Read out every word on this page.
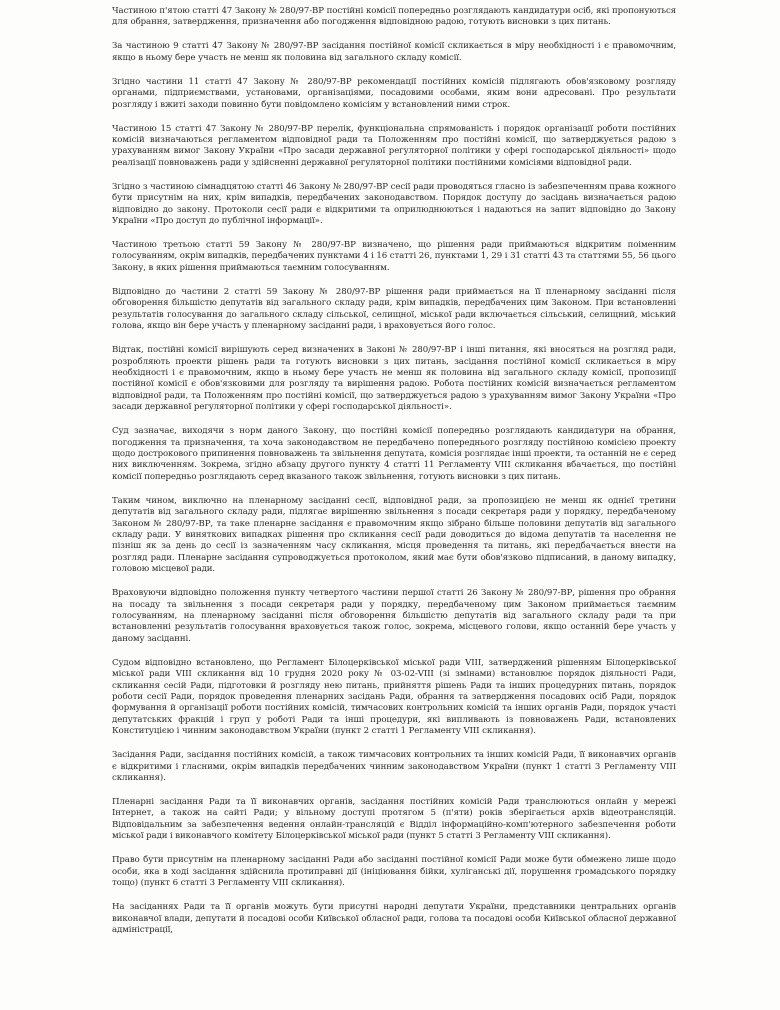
Частиною п'ятою статті 47 Закону № 280/97-ВР постійні комісії попередньо розглядають кандидатури осіб, які пропонуються для обрання, затвердження, призначення або погодження відповідною радою, готують висновки з цих питань.

За частиною 9 статті 47 Закону № 280/97-ВР засідання постійної комісії скликається в міру необхідності і є правомочним, якщо в ньому бере участь не менш як половина від загального складу комісії.

Згідно частини 11 статті 47 Закону № 280/97-ВР рекомендації постійних комісій підлягають обов'язковому розгляду органами, підприємствами, установами, організаціями, посадовими особами, яким вони адресовані. Про результати розгляду і вжиті заходи повинно бути повідомлено комісіям у встановлений ними строк.

Частиною 15 статті 47 Закону № 280/97-ВР перелік, функціональна спрямованість і порядок організації роботи постійних комісій визначаються регламентом відповідної ради та Положенням про постійні комісії, що затверджується радою з урахуванням вимог Закону України «Про засади державної регуляторної політики у сфері господарської діяльності» щодо реалізації повноважень ради у здійсненні державної регуляторної політики постійними комісіями відповідної ради.

Згідно з частиною сімнадцятою статті 46 Закону № 280/97-ВР сесії ради проводяться гласно із забезпеченням права кожного бути присутнім на них, крім випадків, передбачених законодавством. Порядок доступу до засідань визначається радою відповідно до закону. Протоколи сесії ради є відкритими та оприлюднюються і надаються на запит відповідно до Закону України «Про доступ до публічної інформації».

Частиною третьою статті 59 Закону № 280/97-ВР визначено, що рішення ради приймаються відкритим поіменним голосуванням, окрім випадків, передбачених пунктами 4 і 16 статті 26, пунктами 1, 29 і 31 статті 43 та статтями 55, 56 цього Закону, в яких рішення приймаються таємним голосуванням.

Відповідно до частини 2 статті 59 Закону № 280/97-ВР рішення ради приймається на її пленарному засіданні після обговорення більшістю депутатів від загального складу ради, крім випадків, передбачених цим Законом. При встановленні результатів голосування до загального складу сільської, селищної, міської ради включається сільський, селищний, міський голова, якщо він бере участь у пленарному засіданні ради, і враховується його голос.

Відтак, постійні комісії вирішують серед визначених в Законі № 280/97-ВР і інші питання, які вносяться на розгляд ради, розробляють проекти рішень ради та готують висновки з цих питань, засідання постійної комісії скликається в міру необхідності і є правомочним, якщо в ньому бере участь не менш як половина від загального складу комісії, пропозиції постійної комісії є обов'язковими для розгляду та вирішення радою. Робота постійних комісій визначається регламентом відповідної ради, та Положенням про постійні комісії, що затверджується радою з урахуванням вимог Закону України «Про засади державної регуляторної політики у сфері господарської діяльності».

Суд зазначає, виходячи з норм даного Закону, що постійні комісії попередньо розглядають кандидатури на обрання, погодження та призначення, та хоча законодавством не передбачено попереднього розгляду постійною комісією проекту щодо дострокового припинення повноважень та звільнення депутата, комісія розглядає інші проекти, та останній не є серед них виключенням. Зокрема, згідно абзацу другого пункту 4 статті 11 Регламенту VIII скликання вбачається, що постійні комісії попередньо розглядають серед вказаного також звільнення, готують висновки з цих питань.

Таким чином, виключно на пленарному засіданні сесії, відповідної ради, за пропозицією не менш як однієї третини депутатів від загального складу ради, підлягає вирішенню звільнення з посади секретаря ради у порядку, передбаченому Законом № 280/97-ВР, та таке пленарне засідання є правомочним якщо зібрано більше половини депутатів від загального складу ради. У виняткових випадках рішення про скликання сесії ради доводиться до відома депутатів та населення не пізніш як за день до сесії із зазначенням часу скликання, місця проведення та питань, які передбачається внести на розгляд ради. Пленарне засідання супроводжується протоколом, який має бути обов'язково підписаний, в даному випадку, головою місцевої ради.

Враховуючи відповідно положення пункту четвертого частини першої статті 26 Закону № 280/97-ВР, рішення про обрання на посаду та звільнення з посади секретаря ради у порядку, передбаченому цим Законом приймається таємним голосуванням, на пленарному засіданні після обговорення більшістю депутатів від загального складу ради та при встановленні результатів голосування враховується також голос, зокрема, місцевого голови, якщо останній бере участь у даному засіданні.

Судом відповідно встановлено, що Регламент Білоцерківської міської ради VIII, затверджений рішенням Білоцерківської міської ради VIII скликання від 10 грудня 2020 року № 03-02-VIII (зі змінами) встановлює порядок діяльності Ради, скликання сесій Ради, підготовки й розгляду нею питань, прийняття рішень Ради та інших процедурних питань, порядок роботи сесії Ради, порядок проведення пленарних засідань Ради, обрання та затвердження посадових осіб Ради, порядок формування й організації роботи постійних комісій, тимчасових контрольних комісій та інших органів Ради, порядок участі депутатських фракцій і груп у роботі Ради та інші процедури, які випливають із повноважень Ради, встановлених Конституцією і чинним законодавством України (пункт 2 статті 1 Регламенту VIII скликання).

Засідання Ради, засідання постійних комісій, а також тимчасових контрольних та інших комісій Ради, її виконавчих органів є відкритими і гласними, окрім випадків передбачених чинним законодавством України (пункт 1 статті 3 Регламенту VIII скликання).

Пленарні засідання Ради та її виконавчих органів, засідання постійних комісій Ради транслюються онлайн у мережі Інтернет, а також на сайті Ради; у вільному доступі протягом 5 (п'яти) років зберігається архів відеотрансляцій. Відповідальним за забезпечення ведення онлайн-трансляцій є Відділ інформаційно-комп'ютерного забезпечення роботи міської ради і виконавчого комітету Білоцерківської міської ради (пункт 5 статті 3 Регламенту VIII скликання).

Право бути присутнім на пленарному засіданні Ради або засіданні постійної комісії Ради може бути обмежено лише щодо особи, яка в ході засідання здійснила протиправні дії (ініціювання бійки, хуліганські дії, порушення громадського порядку тощо) (пункт 6 статті 3 Регламенту VIII скликання).

На засіданнях Ради та її органів можуть бути присутні народні депутати України, представники центральних органів виконавчої влади, депутати й посадові особи Київської обласної ради, голова та посадові особи Київської обласної державної адміністрації,
